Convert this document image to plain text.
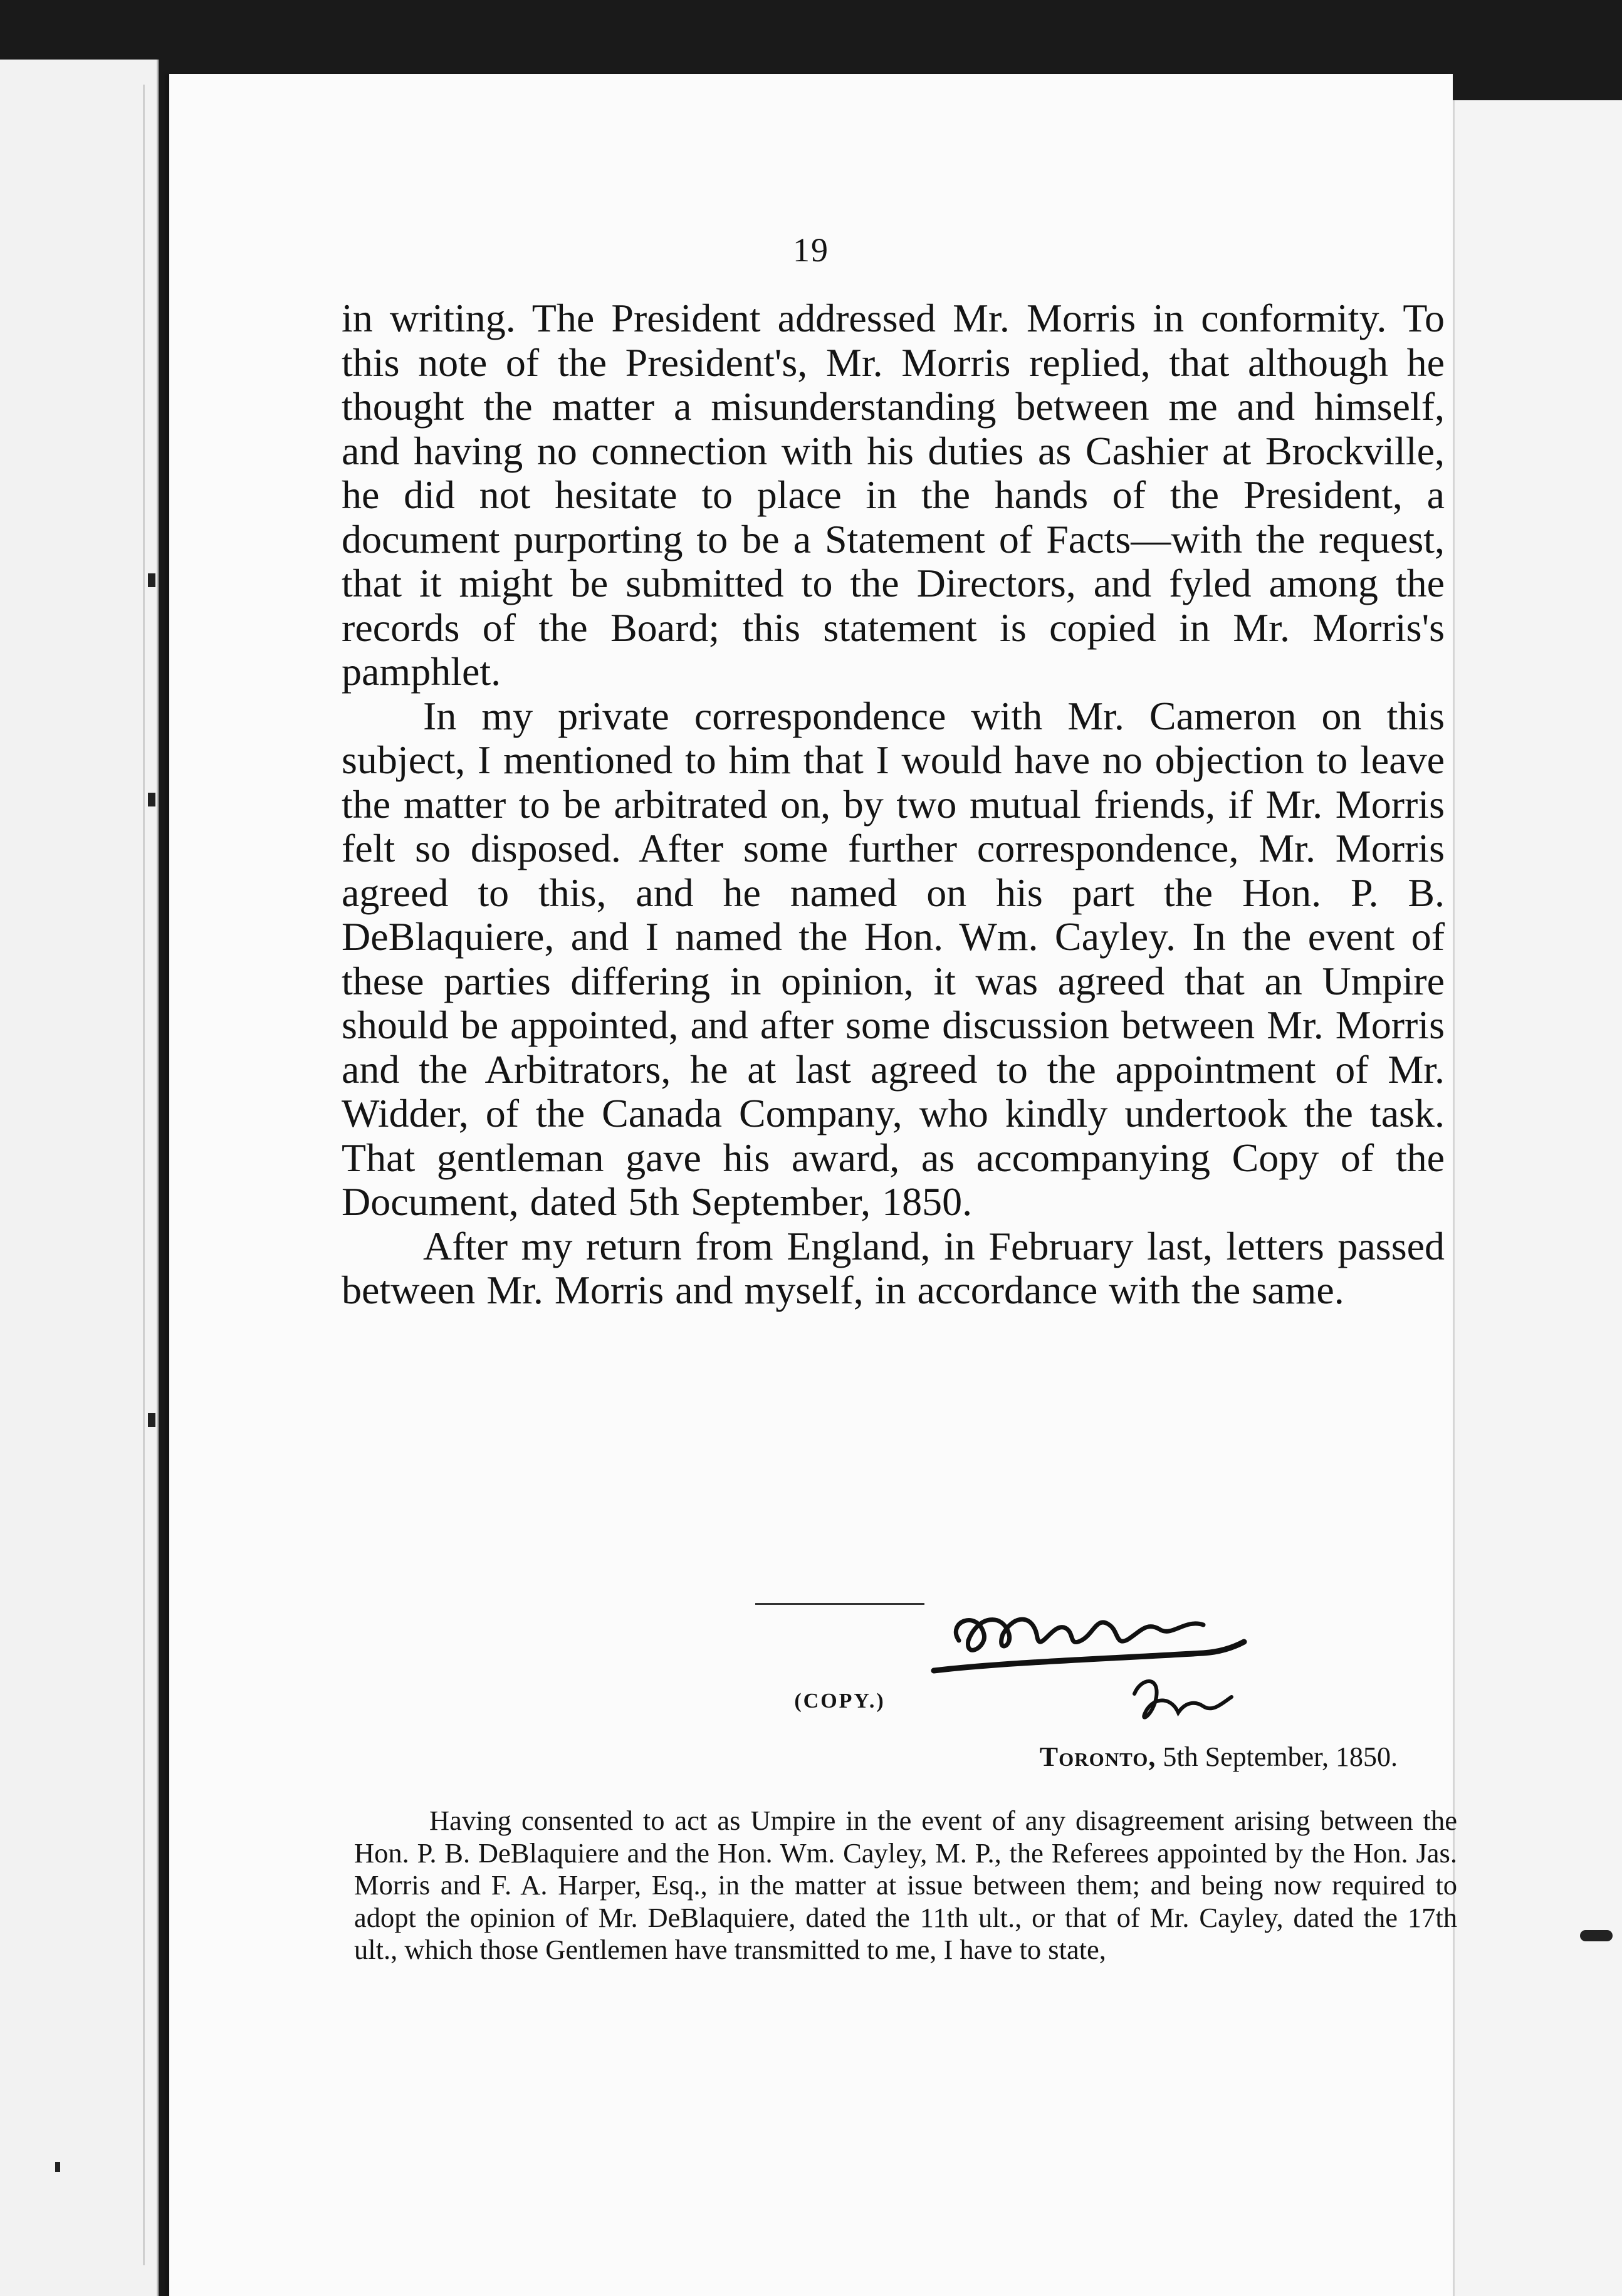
19

in writing. The President addressed Mr. Morris in conformity. To this note of the President's, Mr. Morris replied, that although he thought the matter a misunderstanding between me and himself, and having no connection with his duties as Cashier at Brockville, he did not hesitate to place in the hands of the President, a document purporting to be a Statement of Facts—with the request, that it might be submitted to the Directors, and fyled among the records of the Board; this statement is copied in Mr. Morris's pamphlet.

In my private correspondence with Mr. Cameron on this subject, I mentioned to him that I would have no objection to leave the matter to be arbitrated on, by two mutual friends, if Mr. Morris felt so disposed. After some further correspondence, Mr. Morris agreed to this, and he named on his part the Hon. P. B. DeBlaquiere, and I named the Hon. Wm. Cayley. In the event of these parties differing in opinion, it was agreed that an Umpire should be appointed, and after some discussion between Mr. Morris and the Arbitrators, he at last agreed to the appointment of Mr. Widder, of the Canada Company, who kindly undertook the task. That gentleman gave his award, as accompanying Copy of the Document, dated 5th September, 1850.

After my return from England, in February last, letters passed between Mr. Morris and myself, in accordance with the same.

(COPY.)
Toronto, 5th September, 1850.

Having consented to act as Umpire in the event of any disagreement arising between the Hon. P. B. DeBlaquiere and the Hon. Wm. Cayley, M. P., the Referees appointed by the Hon. Jas. Morris and F. A. Harper, Esq., in the matter at issue between them; and being now required to adopt the opinion of Mr. DeBlaquiere, dated the 11th ult., or that of Mr. Cayley, dated the 17th ult., which those Gentlemen have transmitted to me, I have to state,
